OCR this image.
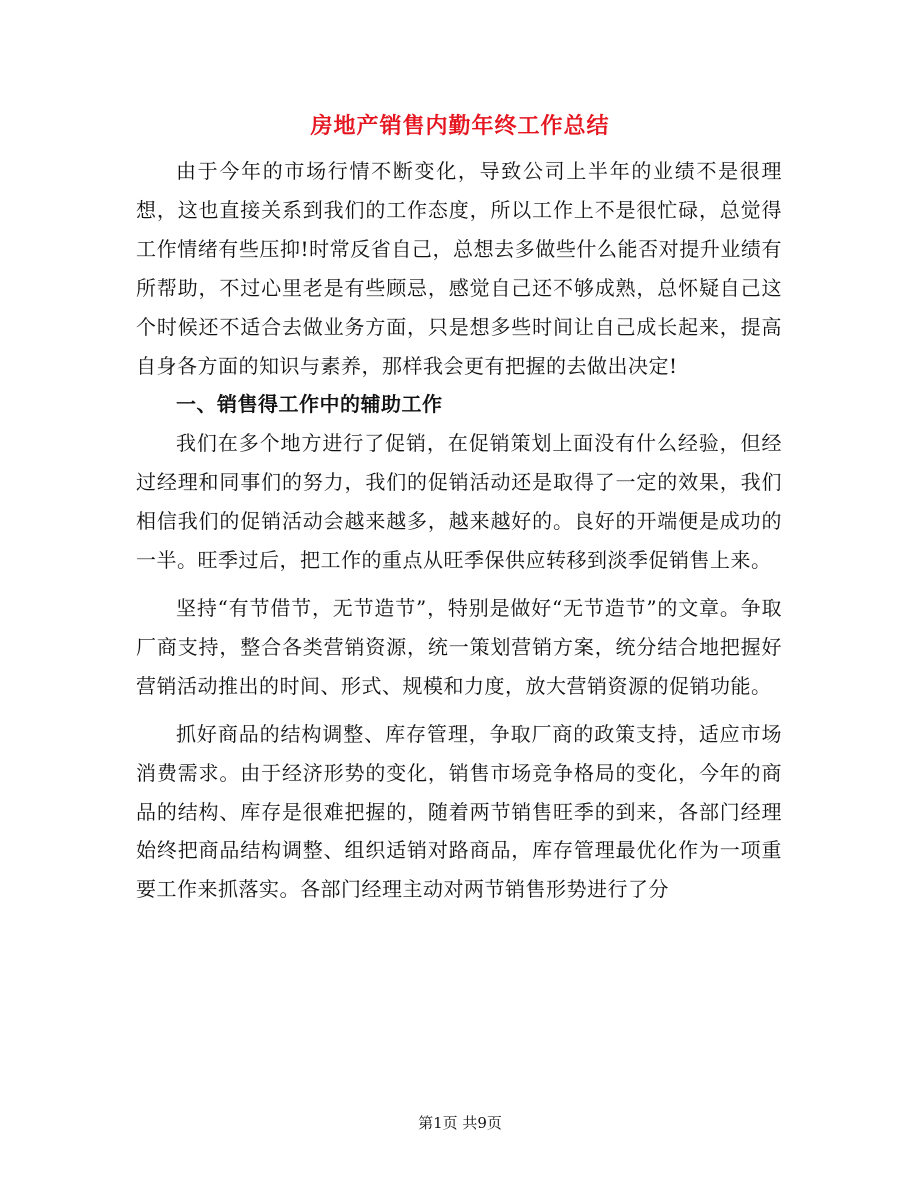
房地产销售内勤年终工作总结

由于今年的市场行情不断变化，导致公司上半年的业绩不是很理想，这也直接关系到我们的工作态度，所以工作上不是很忙碌，总觉得工作情绪有些压抑!时常反省自己，总想去多做些什么能否对提升业绩有所帮助，不过心里老是有些顾忌，感觉自己还不够成熟，总怀疑自己这个时候还不适合去做业务方面，只是想多些时间让自己成长起来，提高自身各方面的知识与素养，那样我会更有把握的去做出决定!

一、销售得工作中的辅助工作

我们在多个地方进行了促销，在促销策划上面没有什么经验，但经过经理和同事们的努力，我们的促销活动还是取得了一定的效果，我们相信我们的促销活动会越来越多，越来越好的。良好的开端便是成功的一半。旺季过后，把工作的重点从旺季保供应转移到淡季促销售上来。

坚持“有节借节，无节造节”，特别是做好“无节造节”的文章。争取厂商支持，整合各类营销资源，统一策划营销方案，统分结合地把握好营销活动推出的时间、形式、规模和力度，放大营销资源的促销功能。

抓好商品的结构调整、库存管理，争取厂商的政策支持，适应市场消费需求。由于经济形势的变化，销售市场竞争格局的变化，今年的商品的结构、库存是很难把握的，随着两节销售旺季的到来，各部门经理始终把商品结构调整、组织适销对路商品，库存管理最优化作为一项重要工作来抓落实。各部门经理主动对两节销售形势进行了分

第1页 共9页
